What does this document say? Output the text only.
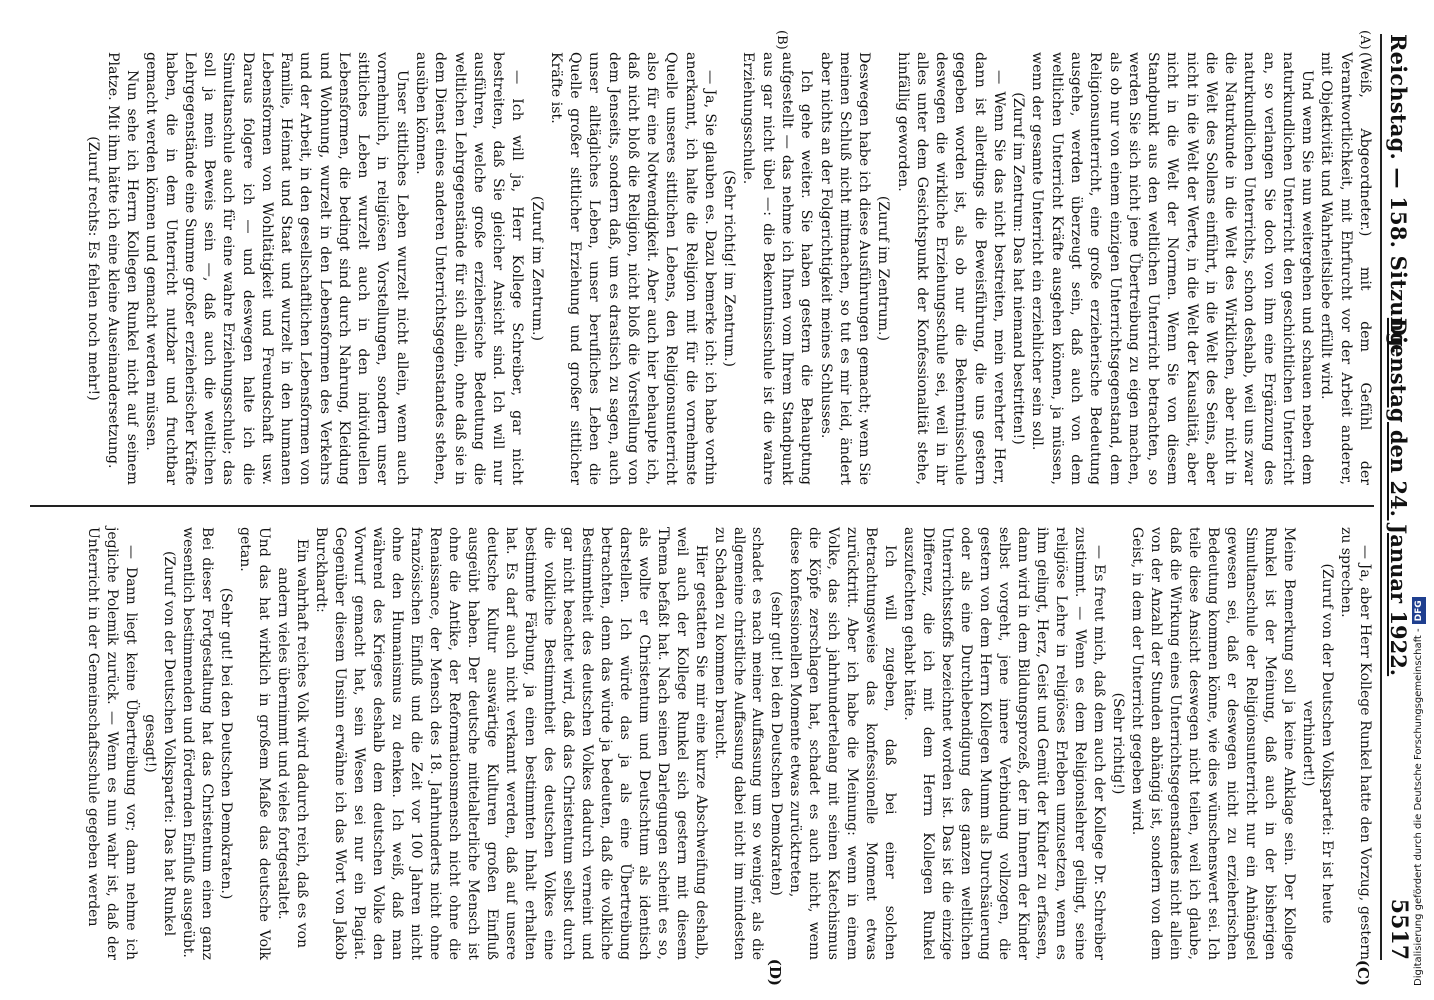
Reichstag. — 158. Sitzung.
Dienstag den 24. Januar 1922.
5517
(A)
(B)
(C)
(D)

(Weiß, Abgeordneter.) mit dem Gefühl der Verantwortlichkeit, mit Ehrfurcht vor der Arbeit anderer, mit Objektivität und Wahrheitsliebe erfüllt wird.

Und wenn Sie nun weitergehen und schauen neben dem naturkundlichen Unterricht den geschichtlichen Unterricht an, so verlangen Sie doch von ihm eine Ergänzung des naturkundlichen Unterrichts, schon deshalb, weil uns zwar die Naturkunde in die Welt des Wirklichen, aber nicht in die Welt des Sollens einführt, in die Welt des Seins, aber nicht in die Welt der Werte, in die Welt der Kausalität, aber nicht in die Welt der Normen. Wenn Sie von diesem Standpunkt aus den weltlichen Unterricht betrachten, so werden Sie sich nicht jene Übertreibung zu eigen machen, als ob nur von einem einzigen Unterrichtsgegenstand, dem Religionsunterricht, eine große erzieherische Bedeutung ausgehe, werden überzeugt sein, daß auch von dem weltlichen Unterricht Kräfte ausgehen können, ja müssen, wenn der gesamte Unterricht ein erziehlicher sein soll.

(Zuruf im Zentrum: Das hat niemand bestritten!)

— Wenn Sie das nicht bestreiten, mein verehrter Herr, dann ist allerdings die Beweisführung, die uns gestern gegeben worden ist, als ob nur die Bekenntnisschule deswegen die wirkliche Erziehungsschule sei, weil in ihr alles unter dem Gesichtspunkt der Konfessionalität stehe, hinfällig geworden.

(Zuruf im Zentrum.)

Deswegen habe ich diese Ausführungen gemacht; wenn Sie meinen Schluß nicht mitmachen, so tut es mir leid, ändert aber nichts an der Folgerichtigkeit meines Schlusses.

Ich gehe weiter. Sie haben gestern die Behauptung aufgestellt — das nehme ich Ihnen vom Ihrem Standpunkt aus gar nicht übel —: die Bekenntnisschule ist die wahre Erziehungsschule.

(Sehr richtig! im Zentrum.)

— Ja, Sie glauben es. Dazu bemerke ich: ich habe vorhin anerkannt, ich halte die Religion mit für die vornehmste Quelle unseres sittlichen Lebens, den Religionsunterricht also für eine Notwendigkeit. Aber auch hier behaupte ich, daß nicht bloß die Religion, nicht bloß die Vorstellung von dem Jenseits, sondern daß, um es drastisch zu sagen, auch unser alltägliches Leben, unser berufliches Leben die Quelle großer sittlicher Erziehung und großer sittlicher Kräfte ist.

(Zuruf im Zentrum.)

— Ich will ja, Herr Kollege Schreiber, gar nicht bestreiten, daß Sie gleicher Ansicht sind. Ich will nur ausführen, welche große erzieherische Bedeutung die weltlichen Lehrgegenstände für sich allein, ohne daß sie in dem Dienst eines anderen Unterrichtsgegenstandes stehen, ausüben können.

Unser sittliches Leben wurzelt nicht allein, wenn auch vornehmlich, in religiösen Vorstellungen, sondern unser sittliches Leben wurzelt auch in den individuellen Lebensformen, die bedingt sind durch Nahrung, Kleidung und Wohnung, wurzelt in den Lebensformen des Verkehrs und der Arbeit, in den gesellschaftlichen Lebensformen von Familie, Heimat und Staat und wurzelt in den humanen Lebensformen von Wohltätigkeit und Freundschaft usw. Daraus folgere ich — und deswegen halte ich die Simultanschule auch für eine wahre Erziehungsschule; das soll ja mein Beweis sein —, daß auch die weltlichen Lehrgegenstände eine Summe großer erzieherischer Kräfte haben, die in dem Unterricht nutzbar und fruchtbar gemacht werden können und gemacht werden müssen.

Nun sehe ich Herrn Kollegen Runkel nicht auf seinem Platze. Mit ihm hätte ich eine kleine Auseinandersetzung.

(Zuruf rechts: Es fehlen noch mehr!)

— Ja, aber Herr Kollege Runkel hatte den Vorzug, gestern zu sprechen.

(Zuruf von der Deutschen Volkspartei: Er ist heute verhindert!)

Meine Bemerkung soll ja keine Anklage sein. Der Kollege Runkel ist der Meinung, daß auch in der bisherigen Simultanschule der Religionsunterricht nur ein Anhängsel gewesen sei, daß er deswegen nicht zu erzieherischen Bedeutung kommen könne, wie dies wünschenswert sei. Ich teile diese Ansicht deswegen nicht teilen, weil ich glaube, daß die Wirkung eines Unterrichtsgegenstandes nicht allein von der Anzahl der Stunden abhängig ist, sondern von dem Geist, in dem der Unterricht gegeben wird.

(Sehr richtig!)

— Es freut mich, daß dem auch der Kollege Dr. Schreiber zustimmt. — Wenn es dem Religionslehrer gelingt, seine religiöse Lehre in religiöses Erleben umzusetzen, wenn es ihm gelingt, Herz, Geist und Gemüt der Kinder zu erfassen, dann wird in dem Bildungsprozeß, der im Innern der Kinder selbst vorgeht, jene innere Verbindung vollzogen, die gestern von dem Herrn Kollegen Mumm als Durchsäuerung oder als eine Durchlebendigung des ganzen weltlichen Unterrichtsstoffs bezeichnet worden ist. Das ist die einzige Differenz, die ich mit dem Herrn Kollegen Runkel auszufechten gehabt hätte.

Ich will zugeben, daß bei einer solchen Betrachtungsweise das konfessionelle Moment etwas zurücktritt. Aber ich habe die Meinung: wenn in einem Volke, das sich jahrhundertelang mit seinen Katechismus die Köpfe zerschlagen hat, schadet es auch nicht, wenn diese konfessionellen Momente etwas zurücktreten,

(sehr gut! bei den Deutschen Demokraten)

schadet es nach meiner Auffassung um so weniger, als die allgemeine christliche Auffassung dabei nicht im mindesten zu Schaden zu kommen braucht.

Hier gestatten Sie mir eine kurze Abschweifung deshalb, weil auch der Kollege Runkel sich gestern mit diesem Thema befaßt hat. Nach seinen Darlegungen scheint es so, als wollte er Christentum und Deutschtum als identisch darstellen. Ich würde das ja als eine Übertreibung betrachten, denn das würde ja bedeuten, daß die volkliche Bestimmtheit des deutschen Volkes dadurch verneint und gar nicht beachtet wird, daß das Christentum selbst durch die volkliche Bestimmtheit des deutschen Volkes eine bestimmte Färbung, ja einen bestimmten Inhalt erhalten hat. Es darf auch nicht verkannt werden, daß auf unsere deutsche Kultur auswärtige Kulturen großen Einfluß ausgeübt haben. Der deutsche mittelalterliche Mensch ist ohne die Antike, der Reformationsmensch nicht ohne die Renaissance, der Mensch des 18. Jahrhunderts nicht ohne französischen Einfluß und die Zeit vor 100 Jahren nicht ohne den Humanismus zu denken. Ich weiß, daß man während des Krieges deshalb dem deutschen Volke den Vorwurf gemacht hat, sein Wesen sei nur ein Plagiat. Gegenüber diesem Unsinn erwähne ich das Wort von Jakob Burckhardt:

Ein wahrhaft reiches Volk wird dadurch reich, daß es von andern vieles übernimmt und vieles fortgestaltet.

Und das hat wirklich in großem Maße das deutsche Volk getan.

(Sehr gut! bei den Deutschen Demokraten.)

Bei dieser Fortgestaltung hat das Christentum einen ganz wesentlich bestimmenden und fördernden Einfluß ausgeübt.

(Zuruf von der Deutschen Volkspartei: Das hat Runkel gesagt!)

— Dann liegt keine Übertreibung vor; dann nehme ich jegliche Polemik zurück. — Wenn es nun wahr ist, daß der Unterricht in der Gemeinschaftsschule gegeben werden	Digitalisierung gefördert durch die Deutsche Forschungsgemeinschaft -DFG
